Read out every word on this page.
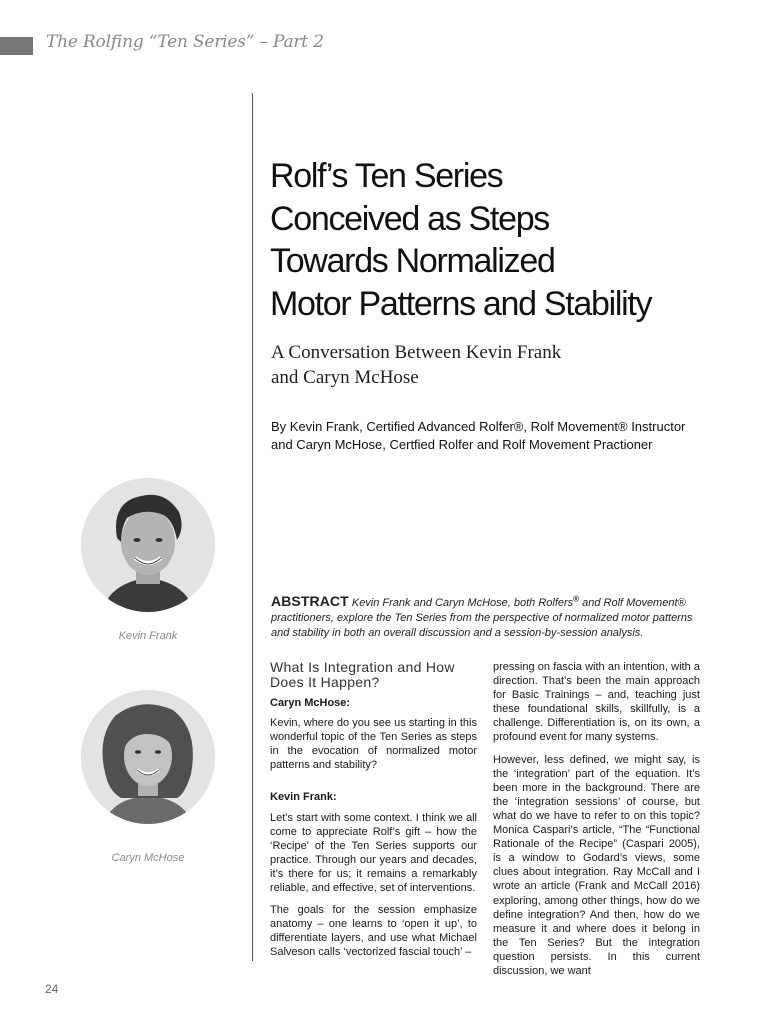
The Rolfing “Ten Series” – Part 2
Rolf’s Ten Series
Conceived as Steps
Towards Normalized
Motor Patterns and Stability
A Conversation Between Kevin Frank
and Caryn McHose
By Kevin Frank, Certified Advanced Rolfer®, Rolf Movement® Instructor
and Caryn McHose, Certfied Rolfer and Rolf Movement Practioner
Kevin Frank
Caryn McHose
ABSTRACT Kevin Frank and Caryn McHose, both Rolfers® and Rolf Movement® practitioners, explore the Ten Series from the perspective of normalized motor patterns and stability in both an overall discussion and a session-by-session analysis.
What Is Integration and How Does It Happen?
Caryn McHose:

Kevin, where do you see us starting in this wonderful topic of the Ten Series as steps in the evocation of normalized motor patterns and stability?

Kevin Frank:

Let’s start with some context. I think we all come to appreciate Rolf’s gift – how the ‘Recipe’ of the Ten Series supports our practice. Through our years and decades, it’s there for us; it remains a remarkably reliable, and effective, set of interventions.

The goals for the session emphasize anatomy – one learns to ‘open it up’, to differentiate layers, and use what Michael Salveson calls ‘vectorized fascial touch’ –

pressing on fascia with an intention, with a direction. That’s been the main approach for Basic Trainings – and, teaching just these foundational skills, skillfully, is a challenge. Differentiation is, on its own, a profound event for many systems.

However, less defined, we might say, is the ‘integration’ part of the equation. It’s been more in the background. There are the ‘integration sessions’ of course, but what do we have to refer to on this topic? Monica Caspari’s article, “The “Functional Rationale of the Recipe” (Caspari 2005), is a window to Godard’s views, some clues about integration. Ray McCall and I wrote an article (Frank and McCall 2016) exploring, among other things, how do we define integration? And then, how do we measure it and where does it belong in the Ten Series? But the integration question persists. In this current discussion, we want

24
